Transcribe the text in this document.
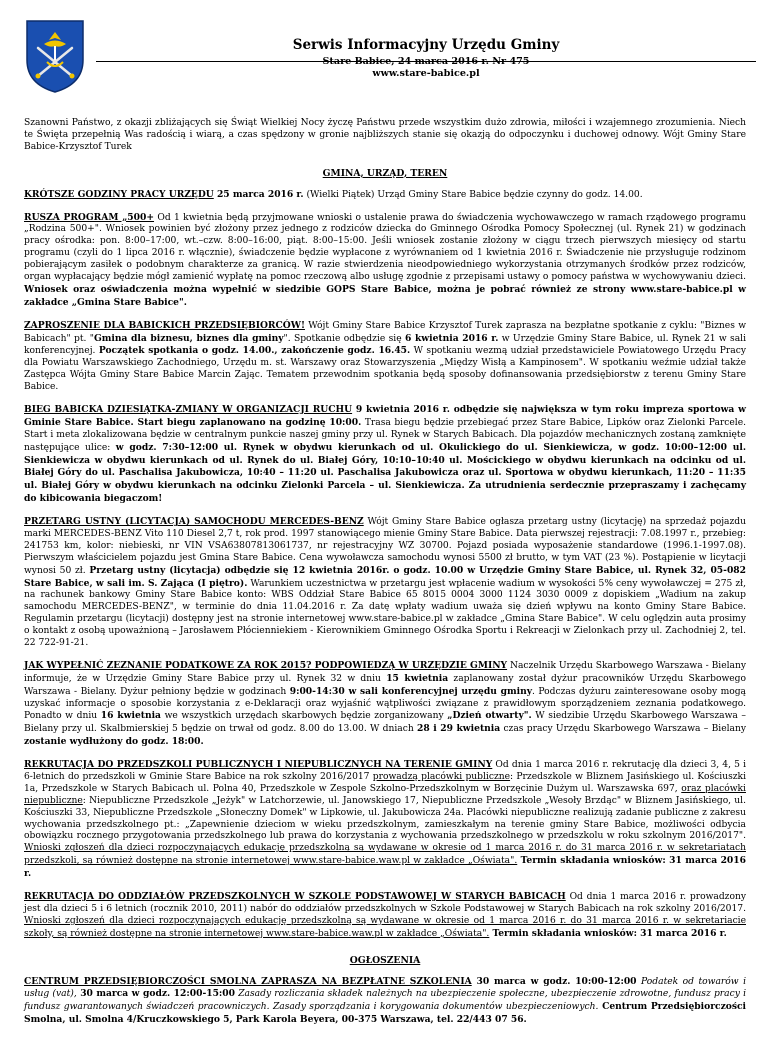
Serwis Informacyjny Urzędu Gminy
Stare Babice, 24 marca 2016 r. Nr 475
www.stare-babice.pl

Szanowni Państwo, z okazji zbliżających się Świąt Wielkiej Nocy życzę Państwu przede wszystkim dużo zdrowia, miłości i wzajemnego zrozumienia. Niech te Święta przepełnią Was radością i wiarą, a czas spędzony w gronie najbliższych stanie się okazją do odpoczynku i duchowej odnowy. Wójt Gminy Stare Babice-Krzysztof Turek

GMINA, URZĄD, TEREN

KRÓTSZE GODZINY PRACY URZĘDU 25 marca 2016 r. (Wielki Piątek) Urząd Gminy Stare Babice będzie czynny do godz. 14.00.

RUSZA PROGRAM „500+ Od 1 kwietnia będą przyjmowane wnioski o ustalenie prawa do świadczenia wychowawczego w ramach rządowego programu „Rodzina 500+". Wniosek powinien być złożony przez jednego z rodziców dziecka do Gminnego Ośrodka Pomocy Społecznej (ul. Rynek 21) w godzinach pracy ośrodka: pon. 8:00–17:00, wt.–czw. 8:00–16:00, piąt. 8:00–15:00. Jeśli wniosek zostanie złożony w ciągu trzech pierwszych miesięcy od startu programu (czyli do 1 lipca 2016 r. włącznie), świadczenie będzie wypłacone z wyrównaniem od 1 kwietnia 2016 r. Świadczenie nie przysługuje rodzinom pobierającym zasiłek o podobnym charakterze za granicą. W razie stwierdzenia nieodpowiedniego wykorzystania otrzymanych środków przez rodziców, organ wypłacający będzie mógł zamienić wypłatę na pomoc rzeczową albo usługę zgodnie z przepisami ustawy o pomocy państwa w wychowywaniu dzieci. Wniosek oraz oświadczenia można wypełnić w siedzibie GOPS Stare Babice, można je pobrać również ze strony www.stare-babice.pl w zakładce „Gmina Stare Babice".

ZAPROSZENIE DLA BABICKICH PRZEDSIĘBIORCÓW! Wójt Gminy Stare Babice Krzysztof Turek zaprasza na bezpłatne spotkanie z cyklu: "Biznes w Babicach" pt. "Gmina dla biznesu, biznes dla gminy". Spotkanie odbędzie się 6 kwietnia 2016 r. w Urzędzie Gminy Stare Babice, ul. Rynek 21 w sali konferencyjnej. Początek spotkania o godz. 14.00., zakończenie godz. 16.45. W spotkaniu wezmą udział przedstawiciele Powiatowego Urzędu Pracy dla Powiatu Warszawskiego Zachodniego, Urzędu m. st. Warszawy oraz Stowarzyszenia „Między Wisłą a Kampinosem". W spotkaniu weźmie udział także Zastępca Wójta Gminy Stare Babice Marcin Zając. Tematem przewodnim spotkania będą sposoby dofinansowania przedsiębiorstw z terenu Gminy Stare Babice.

BIEG BABICKA DZIESIĄTKA-ZMIANY W ORGANIZACJI RUCHU 9 kwietnia 2016 r. odbędzie się największa w tym roku impreza sportowa w Gminie Stare Babice. Start biegu zaplanowano na godzinę 10:00. Trasa biegu będzie przebiegać przez Stare Babice, Lipków oraz Zielonki Parcele. Start i meta zlokalizowana będzie w centralnym punkcie naszej gminy przy ul. Rynek w Starych Babicach. Dla pojazdów mechanicznych zostaną zamknięte następujące ulice: w godz. 7:30–12:00 ul. Rynek w obydwu kierunkach od ul. Okulickiego do ul. Sienkiewicza, w godz. 10:00–12:00 ul. Sienkiewicza w obydwu kierunkach od ul. Rynek do ul. Białej Góry, 10:10–10:40 ul. Mościckiego w obydwu kierunkach na odcinku od ul. Białej Góry do ul. Paschalisa Jakubowicza, 10:40 – 11:20 ul. Paschalisa Jakubowicza oraz ul. Sportowa w obydwu kierunkach, 11:20 – 11:35 ul. Białej Góry w obydwu kierunkach na odcinku Zielonki Parcela – ul. Sienkiewicza. Za utrudnienia serdecznie przepraszamy i zachęcamy do kibicowania biegaczom!

PRZETARG USTNY (LICYTACJA) SAMOCHODU MERCEDES-BENZ Wójt Gminy Stare Babice ogłasza przetarg ustny (licytację) na sprzedaż pojazdu marki MERCEDES-BENZ Vito 110 Diesel 2,7 t, rok prod. 1997 stanowiącego mienie Gminy Stare Babice. Data pierwszej rejestracji: 7.08.1997 r., przebieg: 241753 km, kolor: niebieski, nr VIN VSA63807813061737, nr rejestracyjny WZ 30700. Pojazd posiada wyposażenie standardowe (1996.1-1997.08). Pierwszym właścicielem pojazdu jest Gmina Stare Babice. Cena wywoławcza samochodu wynosi 5500 zł brutto, w tym VAT (23 %). Postąpienie w licytacji wynosi 50 zł. Przetarg ustny (licytacja) odbędzie się 12 kwietnia 2016r. o godz. 10.00 w Urzędzie Gminy Stare Babice, ul. Rynek 32, 05-082 Stare Babice, w sali im. S. Zająca (I piętro). Warunkiem uczestnictwa w przetargu jest wpłacenie wadium w wysokości 5% ceny wywoławczej = 275 zł, na rachunek bankowy Gminy Stare Babice konto: WBS Oddział Stare Babice 65 8015 0004 3000 1124 3030 0009 z dopiskiem „Wadium na zakup samochodu MERCEDES-BENZ", w terminie do dnia 11.04.2016 r. Za datę wpłaty wadium uważa się dzień wpływu na konto Gminy Stare Babice. Regulamin przetargu (licytacji) dostępny jest na stronie internetowej www.stare-babice.pl w zakładce „Gmina Stare Babice". W celu oględzin auta prosimy o kontakt z osobą upoważnioną – Jarosławem Płócienniekiem - Kierownikiem Gminnego Ośrodka Sportu i Rekreacji w Zielonkach przy ul. Zachodniej 2, tel. 22 722-91-21.

JAK WYPEŁNIĆ ZEZNANIE PODATKOWE ZA ROK 2015? PODPOWIEDZĄ W URZĘDZIE GMINY Naczelnik Urzędu Skarbowego Warszawa - Bielany informuje, że w Urzędzie Gminy Stare Babice przy ul. Rynek 32 w dniu 15 kwietnia zaplanowany został dyżur pracowników Urzędu Skarbowego Warszawa - Bielany. Dyżur pełniony będzie w godzinach 9:00-14:30 w sali konferencyjnej urzędu gminy. Podczas dyżuru zainteresowane osoby mogą uzyskać informacje o sposobie korzystania z e-Deklaracji oraz wyjaśnić wątpliwości związane z prawidłowym sporządzeniem zeznania podatkowego. Ponadto w dniu 16 kwietnia we wszystkich urzędach skarbowych będzie zorganizowany „Dzień otwarty". W siedzibie Urzędu Skarbowego Warszawa – Bielany przy ul. Skalbmierskiej 5 będzie on trwał od godz. 8.00 do 13.00. W dniach 28 i 29 kwietnia czas pracy Urzędu Skarbowego Warszawa – Bielany zostanie wydłużony do godz. 18:00.

REKRUTACJA DO PRZEDSZKOLI PUBLICZNYCH I NIEPUBLICZNYCH NA TERENIE GMINY Od dnia 1 marca 2016 r. rekrutację dla dzieci 3, 4, 5 i 6-letnich do przedszkoli w Gminie Stare Babice na rok szkolny 2016/2017 prowadzą placówki publiczne: Przedszkole w Bliznem Jasińskiego ul. Kościuszki 1a, Przedszkole w Starych Babicach ul. Polna 40, Przedszkole w Zespole Szkolno-Przedszkolnym w Borzęcinie Dużym ul. Warszawska 697, oraz placówki niepubliczne: Niepubliczne Przedszkole „Jeżyk" w Latchorzewie, ul. Janowskiego 17, Niepubliczne Przedszkole „Wesoły Brzdąc" w Bliznem Jasińskiego, ul. Kościuszki 33, Niepubliczne Przedszkole „Słoneczny Domek" w Lipkowie, ul. Jakubowicza 24a. Placówki niepubliczne realizują zadanie publiczne z zakresu wychowania przedszkolnego pt.: „Zapewnienie dzieciom w wieku przedszkolnym, zamieszkałym na terenie gminy Stare Babice, możliwości odbycia obowiązku rocznego przygotowania przedszkolnego lub prawa do korzystania z wychowania przedszkolnego w przedszkolu w roku szkolnym 2016/2017". Wnioski zgłoszeń dla dzieci rozpoczynających edukację przedszkolną są wydawane w okresie od 1 marca 2016 r. do 31 marca 2016 r. w sekretariatach przedszkoli, są również dostępne na stronie internetowej www.stare-babice.waw.pl w zakładce „Oświata". Termin składania wniosków: 31 marca 2016 r.

REKRUTACJA DO ODDZIAŁÓW PRZEDSZKOLNYCH W SZKOLE PODSTAWOWEJ W STARYCH BABICACH Od dnia 1 marca 2016 r. prowadzony jest dla dzieci 5 i 6 letnich (rocznik 2010, 2011) nabór do oddziałów przedszkolnych w Szkole Podstawowej w Starych Babicach na rok szkolny 2016/2017. Wnioski zgłoszeń dla dzieci rozpoczynających edukację przedszkolną są wydawane w okresie od 1 marca 2016 r. do 31 marca 2016 r. w sekretariacie szkoły, są również dostępne na stronie internetowej www.stare-babice.waw.pl w zakładce „Oświata". Termin składania wniosków: 31 marca 2016 r.

OGŁOSZENIA

CENTRUM PRZEDSIĘBIORCZOŚCI SMOLNA ZAPRASZA NA BEZPŁATNE SZKOLENIA 30 marca w godz. 10:00-12:00 Podatek od towarów i usług (vat), 30 marca w godz. 12:00-15:00 Zasady rozliczania składek należnych na ubezpieczenie społeczne, ubezpieczenie zdrowotne, fundusz pracy i fundusz gwarantowanych świadczeń pracowniczych. Zasady sporządzania i korygowania dokumentów ubezpieczeniowych. Centrum Przedsiębiorczości Smolna, ul. Smolna 4/Kruczkowskiego 5, Park Karola Beyera, 00-375 Warszawa, tel. 22/443 07 56.
